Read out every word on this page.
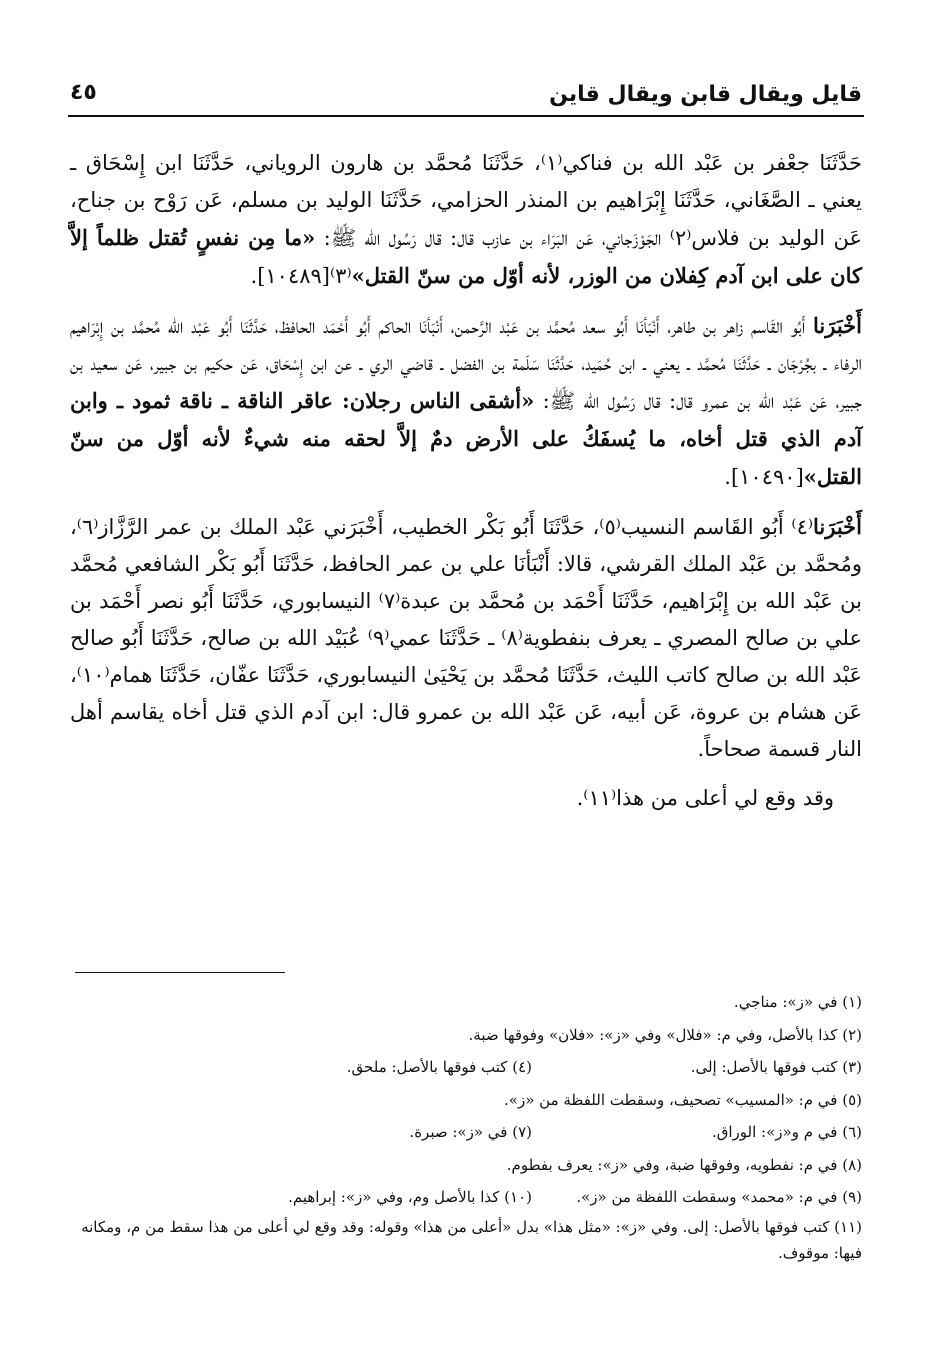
قايل ويقال قابن ويقال قاين
٤٥

حَدَّثَنَا جعْفر بن عَبْد الله بن فناكي⁽١⁾، حَدَّثَنَا مُحمَّد بن هارون الروياني، حَدَّثَنَا ابن إِسْحَاق ـ يعني ـ الصَّغَاني، حَدَّثَنَا إِبْرَاهيم بن المنذر الحزامي، حَدَّثَنَا الوليد بن مسلم، عَن رَوْح بن جناح، عَن الوليد بن فلاس⁽٢⁾ الجَوْزَجاني، عَن البَرَاء بن عازب قال: قال رَسُول الله ﷺ: «ما مِن نفسٍ تُقتل ظلماً إلاَّ كان على ابن آدم كِفلان من الوزر، لأنه أوّل من سنّ القتل»⁽٣⁾[١٠٤٨٩].

أَخْبَرَنا أَبُو القَاسم زاهر بن طاهر، أَنْبَأنَا أَبُو سعد مُحمَّد بن عَبْد الرَّحمن، أَنْبَأنَا الحاكم أَبُو أَحْمَد الحافظ، حَدَّثَنَا أَبُو عَبْد الله مُحمَّد بن إِبْرَاهيم الرفاء ـ بجُرْجَان ـ حَدَّثَنَا مُحمَّد ـ يعني ـ ابن حُمَيد، حَدَّثَنَا سَلَمة بن الفضل ـ قاضي الري ـ عن ابن إِسْحَاق، عَن حكيم بن جبير، عَن سعيد بن جبير، عَن عَبْد الله بن عمرو قال: قال رَسُول الله ﷺ: «أشقى الناس رجلان: عاقر الناقة ـ ناقة ثمود ـ وابن آدم الذي قتل أخاه، ما يُسفَكُ على الأرض دمٌ إلاَّ لحقه منه شيءٌ لأنه أوّل من سنّ القتل»[١٠٤٩٠].

أَخْبَرَنا⁽٤⁾ أَبُو القَاسم النسيب⁽٥⁾، حَدَّثَنَا أَبُو بَكْر الخطيب، أَخْبَرَني عَبْد الملك بن عمر الرَّزَّاز⁽٦⁾، ومُحمَّد بن عَبْد الملك القرشي، قالا: أَنْبَأنَا علي بن عمر الحافظ، حَدَّثَنَا أَبُو بَكْر الشافعي مُحمَّد بن عَبْد الله بن إِبْرَاهيم، حَدَّثَنَا أَحْمَد بن مُحمَّد بن عبدة⁽٧⁾ النيسابوري، حَدَّثَنَا أَبُو نصر أَحْمَد بن علي بن صالح المصري ـ يعرف بنفطوية⁽٨⁾ ـ حَدَّثَنَا عمي⁽٩⁾ عُبَيْد الله بن صالح، حَدَّثَنَا أَبُو صالح عَبْد الله بن صالح كاتب الليث، حَدَّثَنَا مُحمَّد بن يَحْيَىٰ النيسابوري، حَدَّثَنَا عفّان، حَدَّثَنَا همام⁽١٠⁾، عَن هشام بن عروة، عَن أبيه، عَن عَبْد الله بن عمرو قال: ابن آدم الذي قتل أخاه يقاسم أهل النار قسمة صحاحاً.

وقد وقع لي أعلى من هذا⁽١١⁾.

(١) في «ز»: مناجي.
(٢) كذا بالأصل، وفي م: «فلال» وفي «ز»: «فلان» وفوقها ضبة.
(٣) كتب فوقها بالأصل: إلى.
(٤) كتب فوقها بالأصل: ملحق.
(٥) في م: «المسيب» تصحيف، وسقطت اللفظة من «ز».
(٦) في م و«ز»: الوراق.
(٧) في «ز»: صبرة.
(٨) في م: نفطويه، وفوقها ضبة، وفي «ز»: يعرف بفطوم.
(٩) في م: «محمد» وسقطت اللفظة من «ز».
(١٠) كذا بالأصل وم، وفي «ز»: إبراهيم.
(١١) كتب فوقها بالأصل: إلى. وفي «ز»: «مثل هذا» بدل «أعلى من هذا» وقوله: وقد وقع لي أعلى من هذا سقط من م، ومكانه فيها: موقوف.
